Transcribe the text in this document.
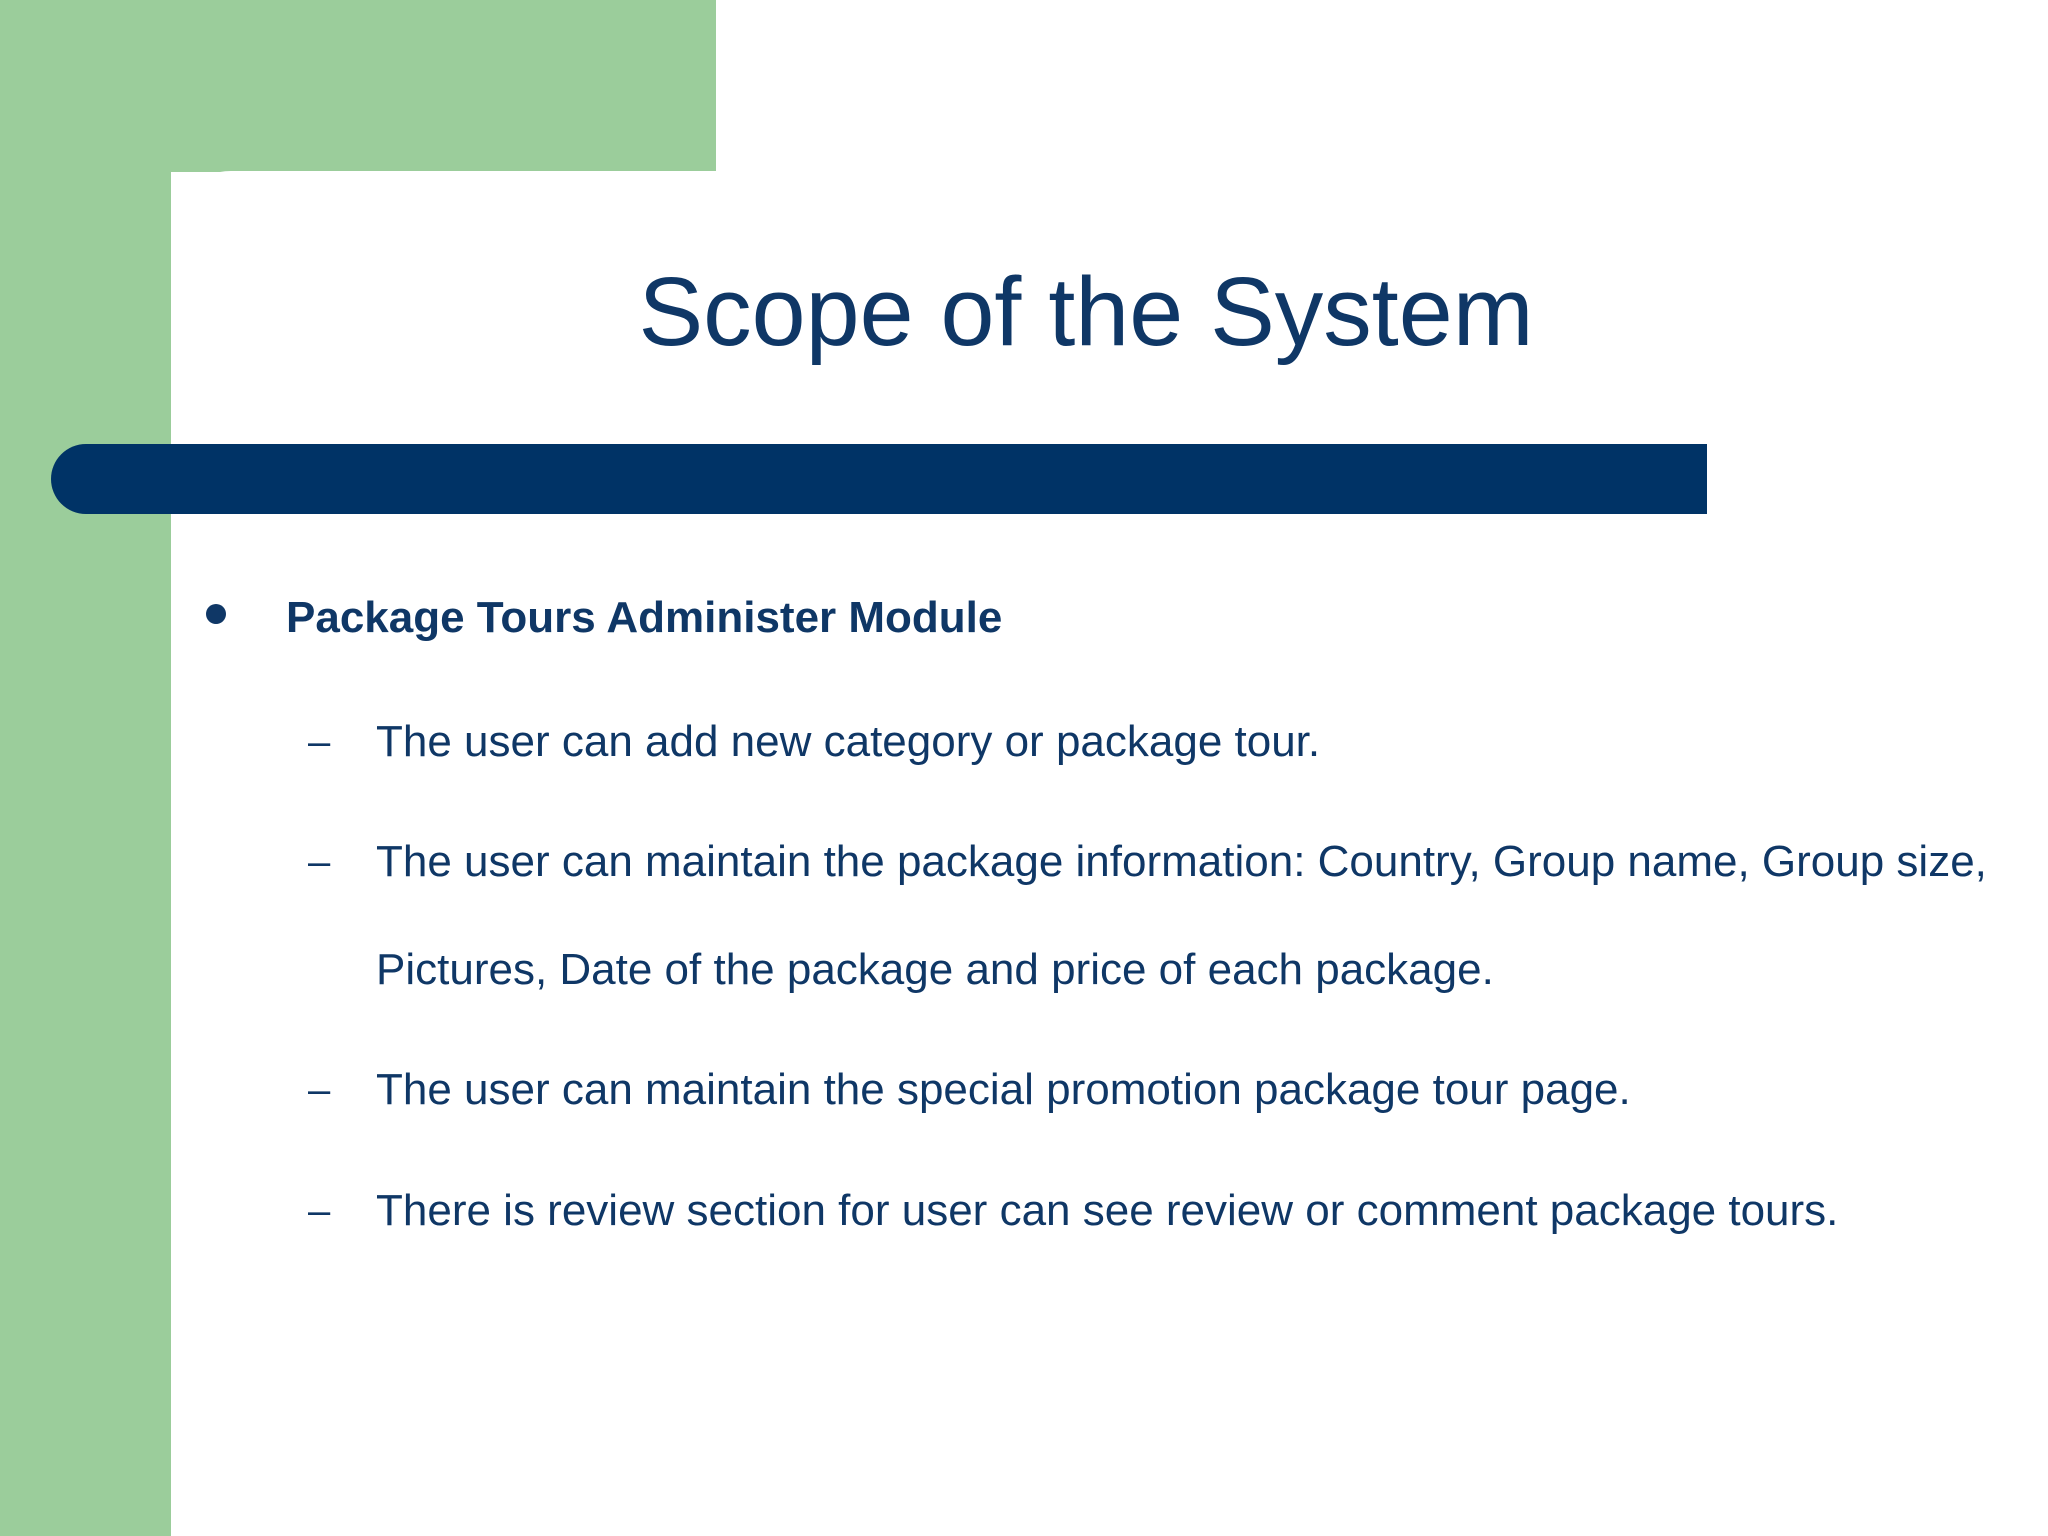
Scope of the System
Package Tours Administer Module
– The user can add new category or package tour.
– The user can maintain the package information: Country, Group name, Group size, Pictures, Date of the package and price of each package.
– The user can maintain the special promotion package tour page.
– There is review section for user can see review or comment package tours.
